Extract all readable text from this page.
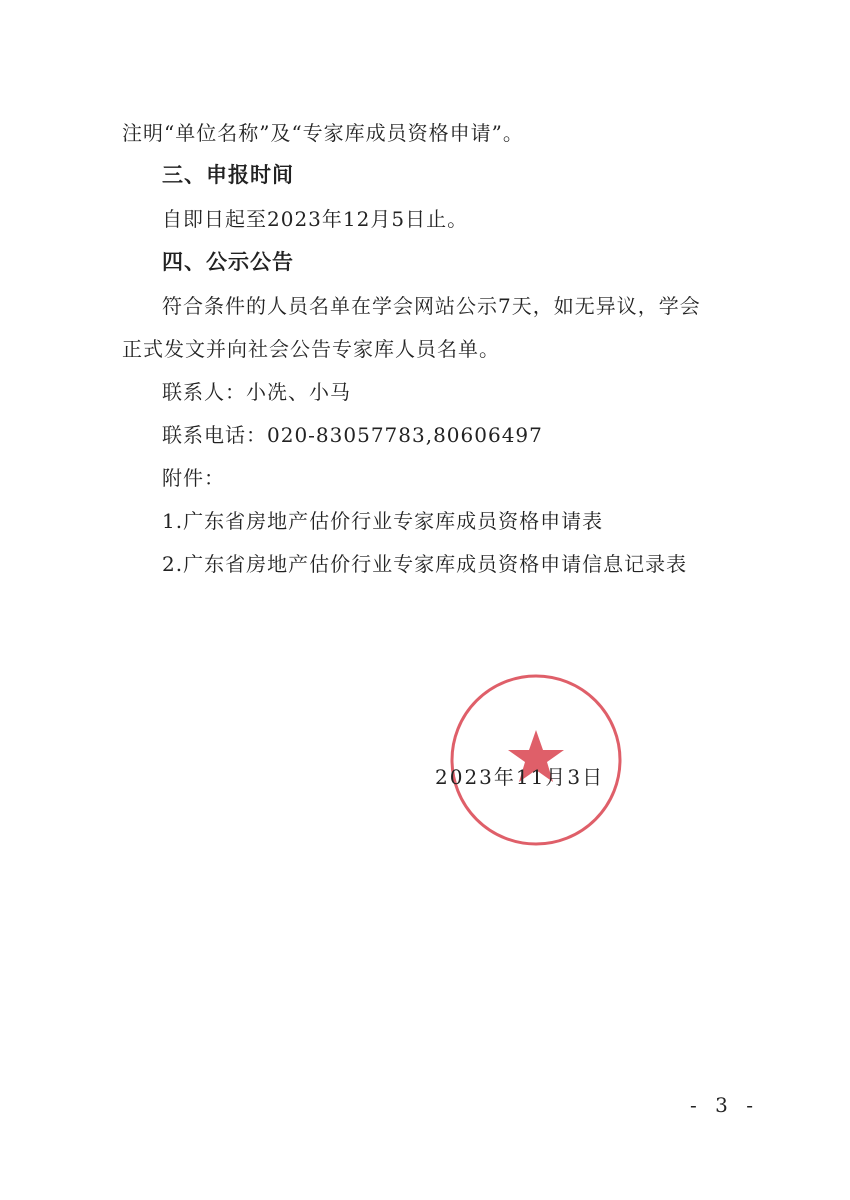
注明“单位名称”及“专家库成员资格申请”。
三、申报时间
自即日起至2023年12月5日止。
四、公示公告
符合条件的人员名单在学会网站公示7天，如无异议，学会
正式发文并向社会公告专家库人员名单。
联系人：小冼、小马
联系电话：020-83057783,80606497
附件：
1.广东省房地产估价行业专家库成员资格申请表
2.广东省房地产估价行业专家库成员资格申请信息记录表
2023年11月3日
- 3 -
